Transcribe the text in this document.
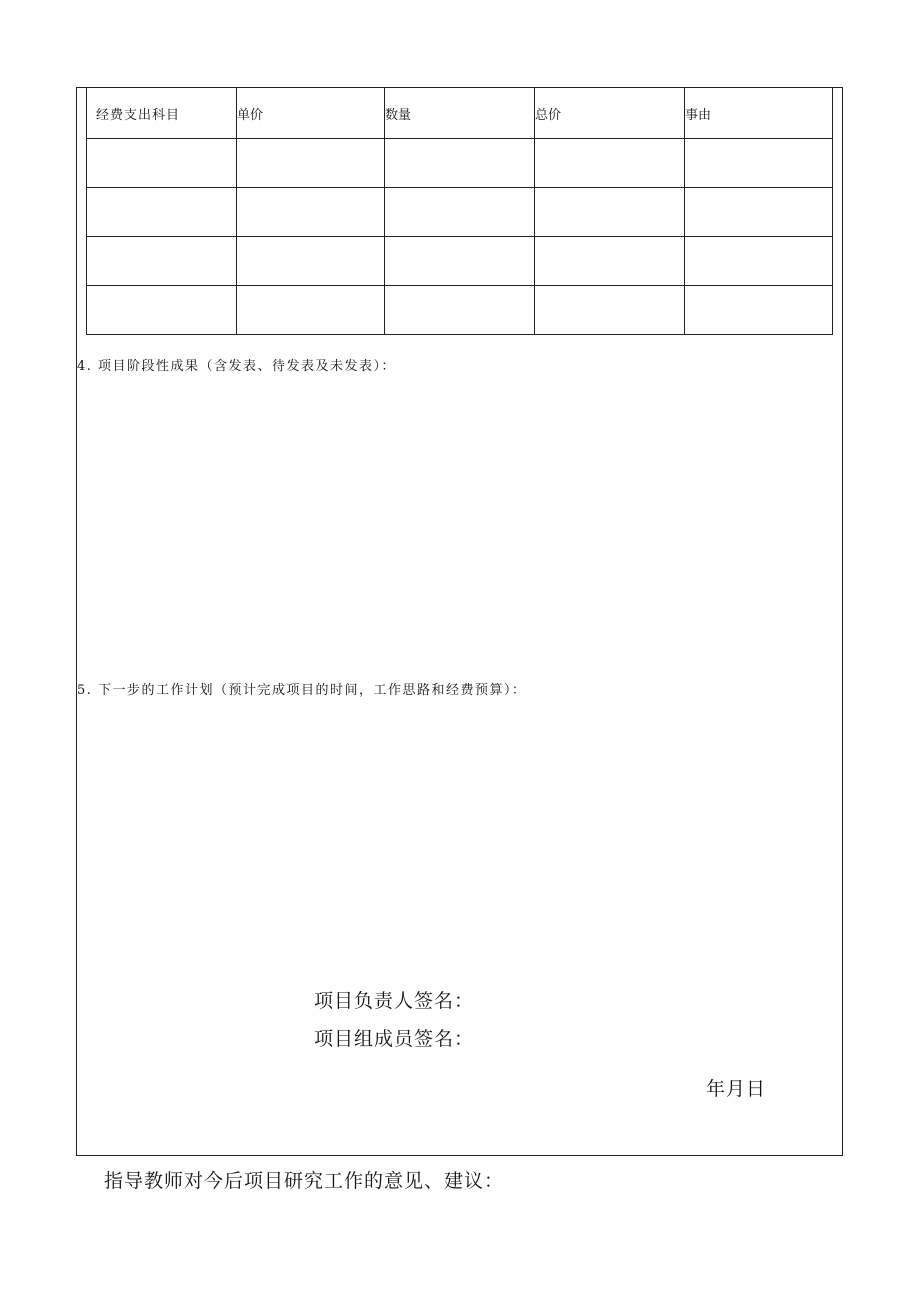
经费支出科目	单价	数量	总价	事由

4. 项目阶段性成果（含发表、待发表及未发表）：
5. 下一步的工作计划（预计完成项目的时间，工作思路和经费预算）：
项目负责人签名：
项目组成员签名：
年月日
指导教师对今后项目研究工作的意见、建议：
